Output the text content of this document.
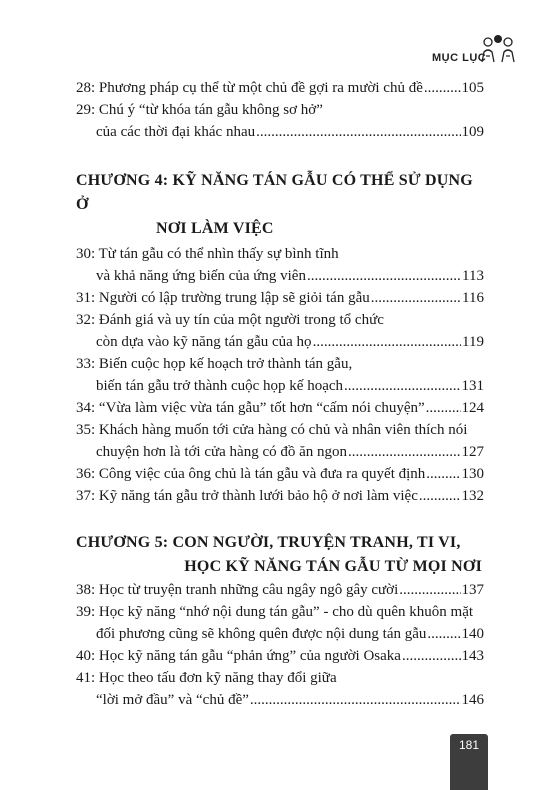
MỤC LỤC
28: Phương pháp cụ thể từ một chủ đề gợi ra mười chủ đề .....	105
29: Chú ý “từ khóa tán gẫu không sơ hở”
của các thời đại khác nhau .....	109
CHƯƠNG 4: KỸ NĂNG TÁN GẪU CÓ THỂ SỬ DỤNG Ở
NƠI LÀM VIỆC
30: Từ tán gẫu có thể nhìn thấy sự bình tĩnh
và khả năng ứng biến của ứng viên .....	113
31: Người có lập trường trung lập sẽ giỏi tán gẫu .....	116
32: Đánh giá và uy tín của một người trong tổ chức
còn dựa vào kỹ năng tán gẫu của họ .....	119
33: Biến cuộc họp kế hoạch trở thành tán gẫu,
biến tán gẫu trở thành cuộc họp kế hoạch .....	131
34: “Vừa làm việc vừa tán gẫu” tốt hơn “cấm nói chuyện” ..... 124
35: Khách hàng muốn tới cửa hàng có chủ và nhân viên thích nói
chuyện hơn là tới cửa hàng có đồ ăn ngon .....	127
36: Công việc của ông chủ là tán gẫu và đưa ra quyết định ..... 130
37: Kỹ năng tán gẫu trở thành lưới bảo hộ ở nơi làm việc .....	132
CHƯƠNG 5: CON NGƯỜI, TRUYỆN TRANH, TI VI,
HỌC KỸ NĂNG TÁN GẪU TỪ MỌI NƠI
38: Học từ truyện tranh những câu ngây ngô gây cười .....	137
39: Học kỹ năng “nhớ nội dung tán gẫu” - cho dù quên khuôn mặt
đối phương cũng sẽ không quên được nội dung tán gẫu ..... 140
40: Học kỹ năng tán gẫu “phản ứng” của người Osaka .....	143
41: Học theo tấu đơn kỹ năng thay đổi giữa
“lời mở đầu” và “chủ đề” .....	146
181
